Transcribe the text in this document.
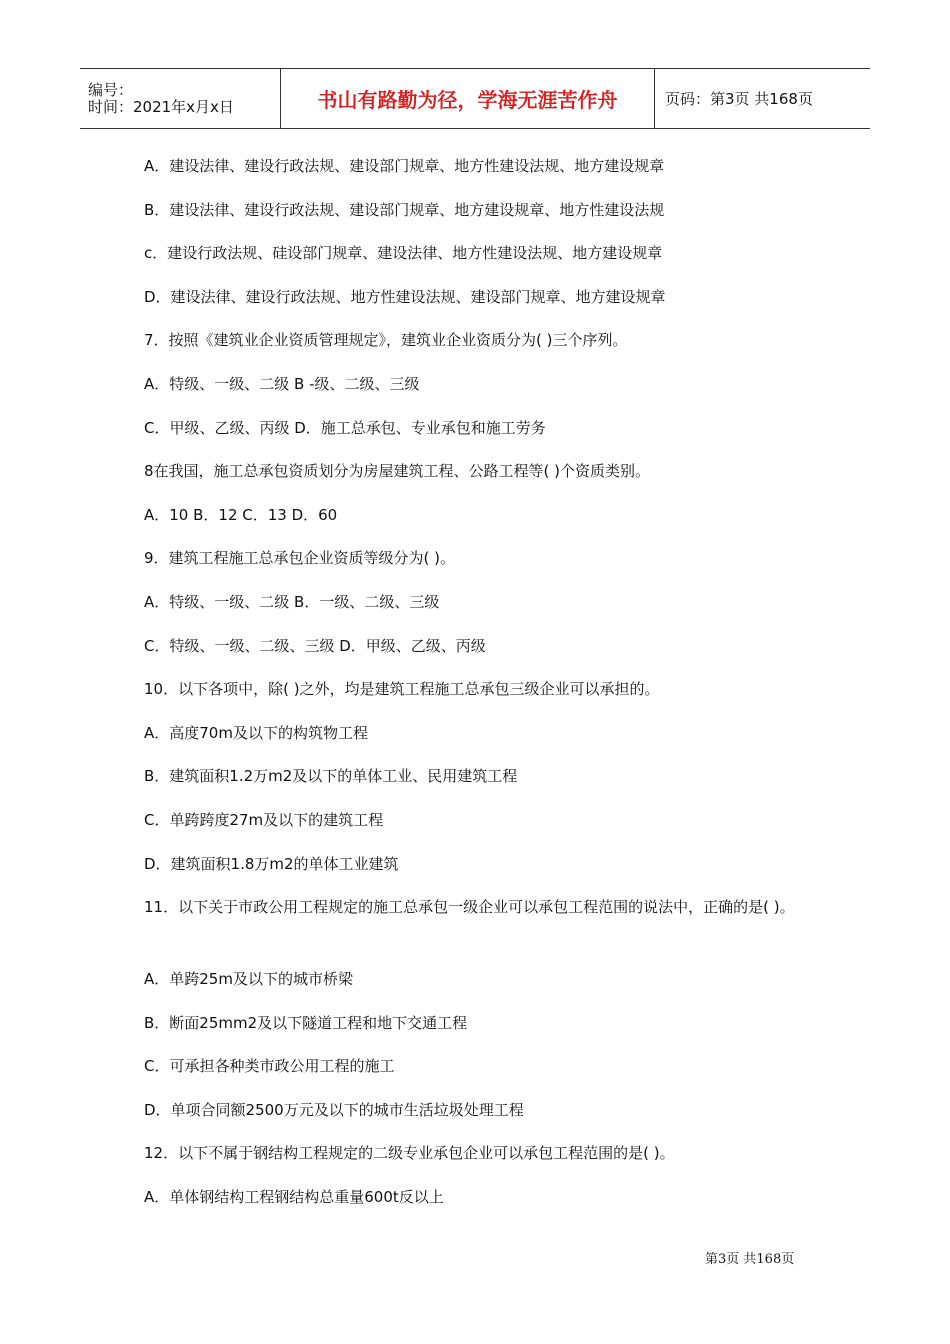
编号：
时间：2021年x月x日	书山有路勤为径，学海无涯苦作舟	页码：第3页 共168页
A．建设法律、建设行政法规、建设部门规章、地方性建设法规、地方建设规章
B．建设法律、建设行政法规、建设部门规章、地方建设规章、地方性建设法规
c．建设行政法规、硅设部门规章、建设法律、地方性建设法规、地方建设规章
D．建设法律、建设行政法规、地方性建设法规、建设部门规章、地方建设规章
7．按照《建筑业企业资质管理规定》，建筑业企业资质分为( )三个序列。
A．特级、一级、二级 B -级、二级、三级
C．甲级、乙级、丙级 D．施工总承包、专业承包和施工劳务
8在我国，施工总承包资质划分为房屋建筑工程、公路工程等( )个资质类别。
A．10 B．12 C．13 D．60
9．建筑工程施工总承包企业资质等级分为( )。
A．特级、一级、二级 B．一级、二级、三级
C．特级、一级、二级、三级 D．甲级、乙级、丙级
10．以下各项中，除( )之外，均是建筑工程施工总承包三级企业可以承担的。
A．高度70m及以下的构筑物工程
B．建筑面积1.2万m2及以下的单体工业、民用建筑工程
C．单跨跨度27m及以下的建筑工程
D．建筑面积1.8万m2的单体工业建筑
11．以下关于市政公用工程规定的施工总承包一级企业可以承包工程范围的说法中，正确的是( )。
A．单跨25m及以下的城市桥梁
B．断面25mm2及以下隧道工程和地下交通工程
C．可承担各种类市政公用工程的施工
D．单项合同额2500万元及以下的城市生活垃圾处理工程
12．以下不属于钢结构工程规定的二级专业承包企业可以承包工程范围的是( )。
A．单体钢结构工程钢结构总重量600t反以上
第3页 共168页
